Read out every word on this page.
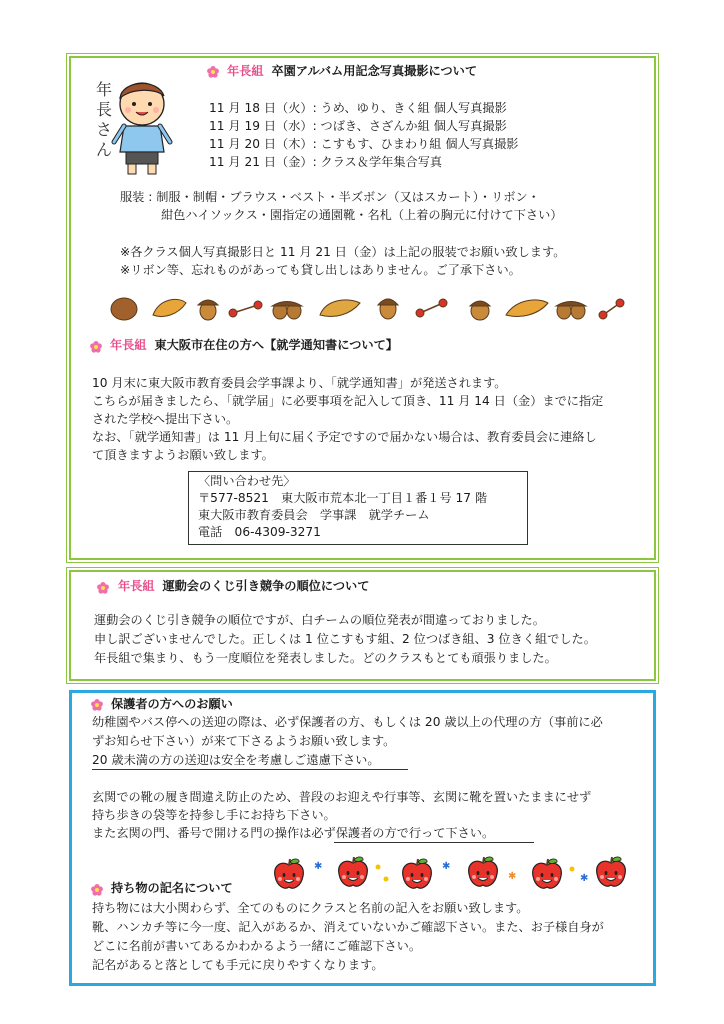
年
長
さ
ん
年長組 卒園アルバム用記念写真撮影について
11 月 18 日（火）: うめ、ゆり、きく組 個人写真撮影
11 月 19 日（水）: つばき、さざんか組 個人写真撮影
11 月 20 日（木）: こすもす、ひまわり組 個人写真撮影
11 月 21 日（金）: クラス＆学年集合写真
服装 : 制服・制帽・ブラウス・ベスト・半ズボン（又はスカート）・リボン・
紺色ハイソックス・園指定の通園靴・名札（上着の胸元に付けて下さい）
※各クラス個人写真撮影日と 11 月 21 日（金）は上記の服装でお願い致します。
※リボン等、忘れものがあっても貸し出しはありません。ご了承下さい。
年長組 東大阪市在住の方へ【就学通知書について】
10 月末に東大阪市教育委員会学事課より、「就学通知書」が発送されます。
こちらが届きましたら、「就学届」に必要事項を記入して頂き、11 月 14 日（金）までに指定
された学校へ提出下さい。
なお、「就学通知書」は 11 月上旬に届く予定ですので届かない場合は、教育委員会に連絡し
て頂きますようお願い致します。
〈問い合わせ先〉
〒577-8521　東大阪市荒本北一丁目１番１号 17 階
東大阪市教育委員会　学事課　就学チーム
電話　06-4309-3271
年長組 運動会のくじ引き競争の順位について
運動会のくじ引き競争の順位ですが、白チームの順位発表が間違っておりました。
申し訳ございませんでした。正しくは 1 位こすもす組、2 位つばき組、3 位きく組でした。
年長組で集まり、もう一度順位を発表しました。どのクラスもとても頑張りました。
保護者の方へのお願い
幼稚園やバス停への送迎の際は、必ず保護者の方、もしくは 20 歳以上の代理の方（事前に必
ずお知らせ下さい）が来て下さるようお願い致します。
20 歳未満の方の送迎は安全を考慮しご遠慮下さい。
玄関での靴の履き間違え防止のため、普段のお迎えや行事等、玄関に靴を置いたままにせず
持ち歩きの袋等を持参し手にお持ち下さい。
また玄関の門、番号で開ける門の操作は必ず保護者の方で行って下さい。
✱	✱
✱	✱
持ち物の記名について
持ち物には大小関わらず、全てのものにクラスと名前の記入をお願い致します。
靴、ハンカチ等に今一度、記入があるか、消えていないかご確認下さい。また、お子様自身が
どこに名前が書いてあるかわかるよう一緒にご確認下さい。
記名があると落としても手元に戻りやすくなります。
